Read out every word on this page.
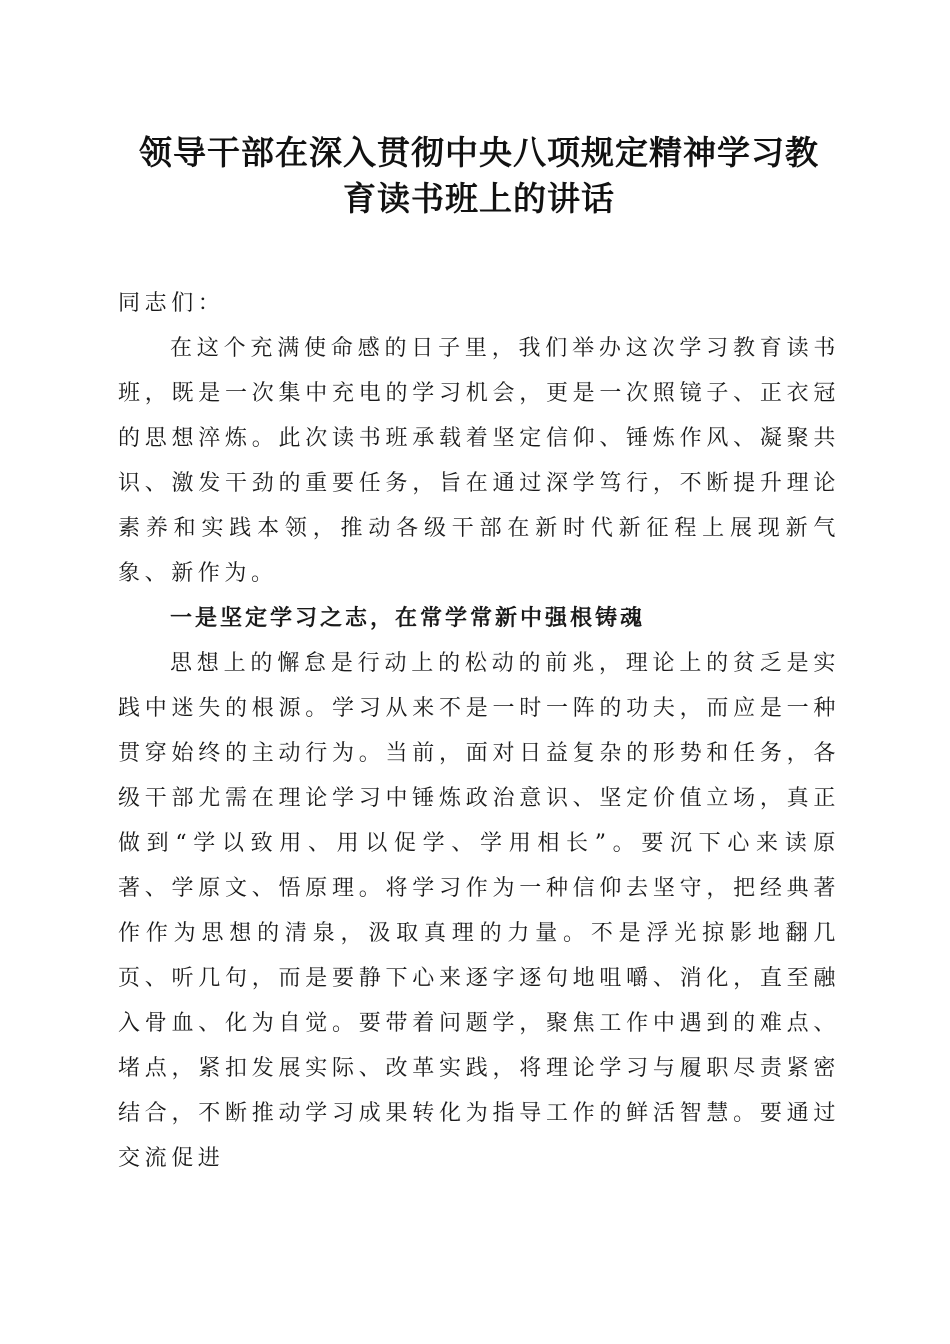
领导干部在深入贯彻中央八项规定精神学习教
育读书班上的讲话

同志们：

在这个充满使命感的日子里，我们举办这次学习教育读书班，既是一次集中充电的学习机会，更是一次照镜子、正衣冠的思想淬炼。此次读书班承载着坚定信仰、锤炼作风、凝聚共识、激发干劲的重要任务，旨在通过深学笃行，不断提升理论素养和实践本领，推动各级干部在新时代新征程上展现新气象、新作为。

一是坚定学习之志，在常学常新中强根铸魂

思想上的懈怠是行动上的松动的前兆，理论上的贫乏是实践中迷失的根源。学习从来不是一时一阵的功夫，而应是一种贯穿始终的主动行为。当前，面对日益复杂的形势和任务，各级干部尤需在理论学习中锤炼政治意识、坚定价值立场，真正做到“学以致用、用以促学、学用相长”。要沉下心来读原著、学原文、悟原理。将学习作为一种信仰去坚守，把经典著作作为思想的清泉，汲取真理的力量。不是浮光掠影地翻几页、听几句，而是要静下心来逐字逐句地咀嚼、消化，直至融入骨血、化为自觉。要带着问题学，聚焦工作中遇到的难点、堵点，紧扣发展实际、改革实践，将理论学习与履职尽责紧密结合，不断推动学习成果转化为指导工作的鲜活智慧。要通过交流促进
